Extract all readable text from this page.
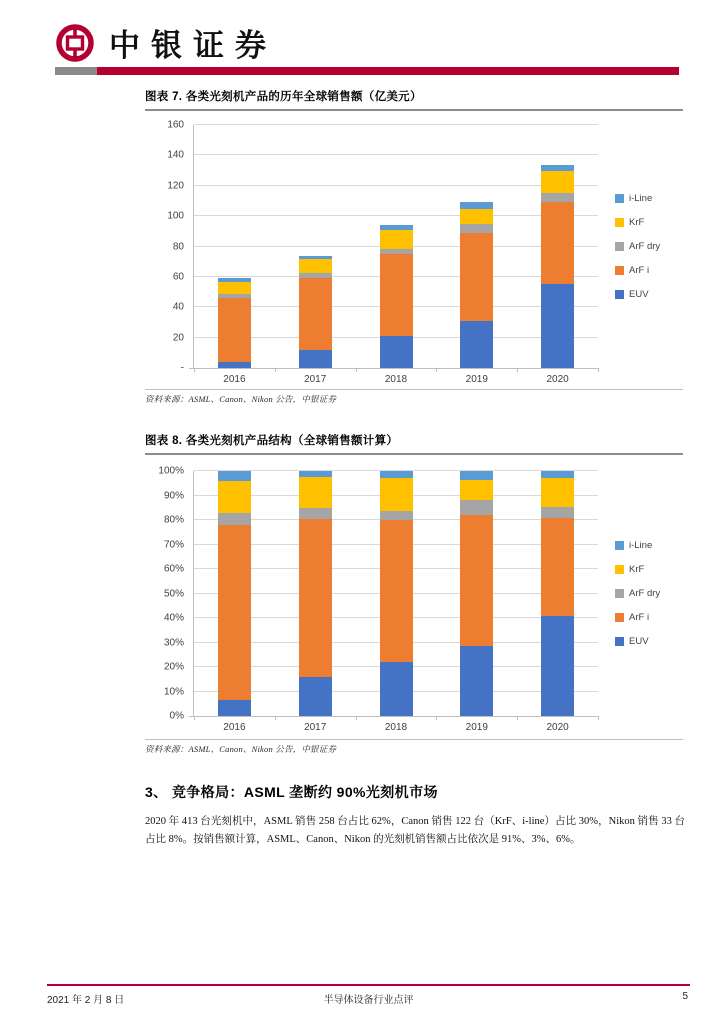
中银证券
图表 7. 各类光刻机产品的历年全球销售额（亿美元）
-
20
40
60
80
100
120
140
160
2016	2017	2018	2019	2020
i-Line
KrF
ArF dry
ArF i
EUV
资料来源：ASML、Canon、Nikon 公告，中银证券
图表 8. 各类光刻机产品结构（全球销售额计算）
0%
10%
20%
30%
40%
50%
60%
70%
80%
90%
100%
2016	2017	2018	2019	2020
i-Line
KrF
ArF dry
ArF i
EUV
资料来源：ASML、Canon、Nikon 公告，中银证券
3、 竞争格局：ASML 垄断约 90%光刻机市场
2020 年 413 台光刻机中，ASML 销售 258 台占比 62%，Canon 销售 122 台（KrF、i-line）占比 30%，Nikon 销售 33 台占比 8%。按销售额计算，ASML、Canon、Nikon 的光刻机销售额占比依次是 91%、3%、6%。
2021 年 2 月 8 日	半导体设备行业点评	5
